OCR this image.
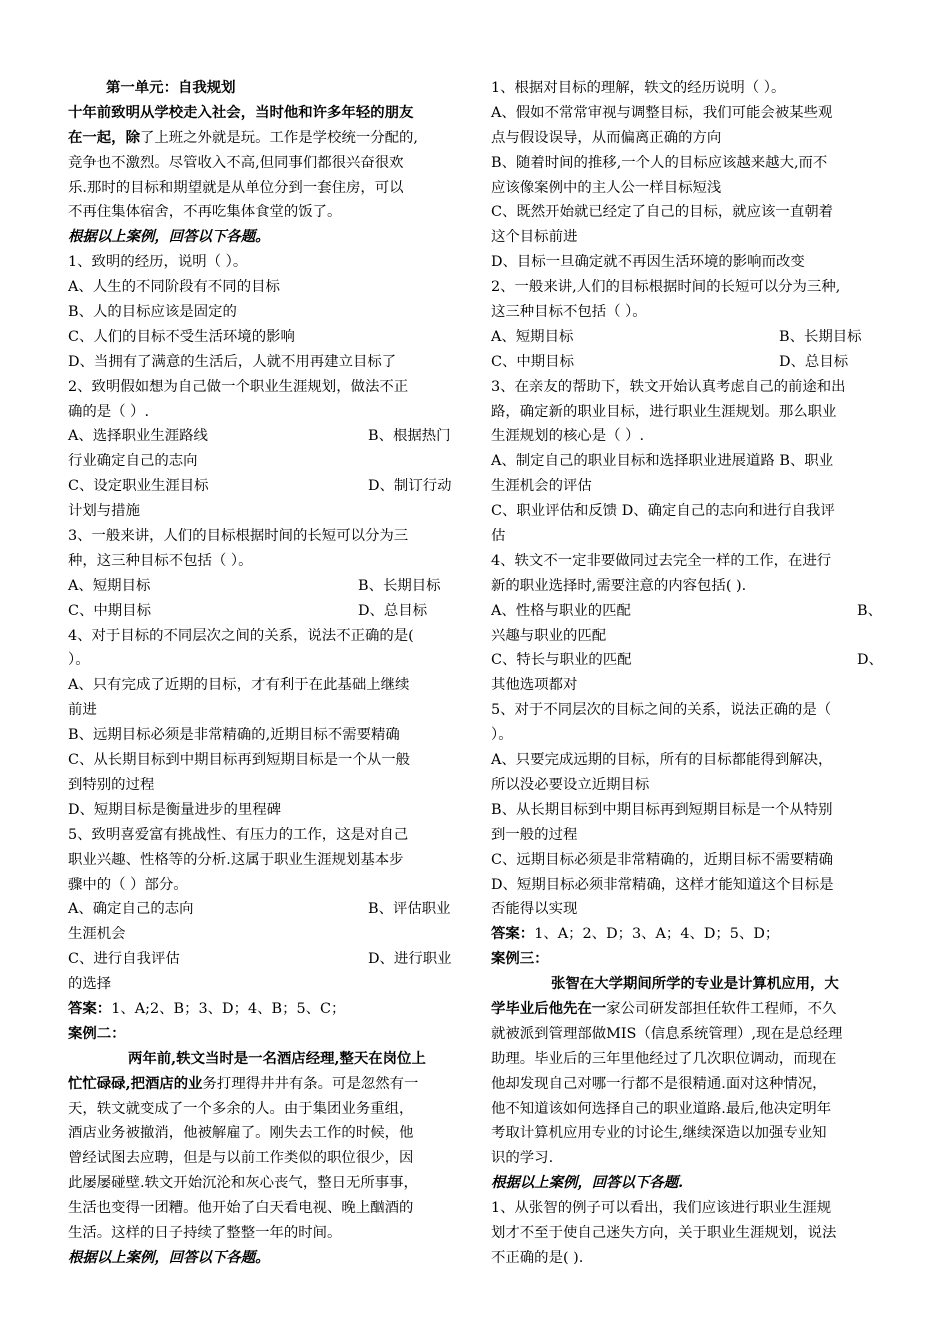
第一单元：自我规划
十年前致明从学校走入社会，当时他和许多年轻的朋友
在一起，除了上班之外就是玩。工作是学校统一分配的,
竞争也不激烈。尽管收入不高,但同事们都很兴奋很欢
乐.那时的目标和期望就是从单位分到一套住房，可以
不再住集体宿舍，不再吃集体食堂的饭了。
根据以上案例，回答以下各题。
1、致明的经历，说明（ ）。
A、人生的不同阶段有不同的目标
B、人的目标应该是固定的
C、人们的目标不受生活环境的影响
D、当拥有了满意的生活后，人就不用再建立目标了
2、致明假如想为自己做一个职业生涯规划，做法不正
确的是（ ）.
A、选择职业生涯路线	B、根据热门
行业确定自己的志向
C、设定职业生涯目标	D、制订行动
计划与措施
3、一般来讲，人们的目标根据时间的长短可以分为三
种，这三种目标不包括（ ）。
A、短期目标	B、长期目标
C、中期目标	D、总目标
4、对于目标的不同层次之间的关系，说法不正确的是(
）。
A、只有完成了近期的目标，才有利于在此基础上继续
前进
B、远期目标必须是非常精确的,近期目标不需要精确
C、从长期目标到中期目标再到短期目标是一个从一般
到特别的过程
D、短期目标是衡量进步的里程碑
5、致明喜爱富有挑战性、有压力的工作，这是对自己
职业兴趣、性格等的分析.这属于职业生涯规划基本步
骤中的（ ）部分。
A、确定自己的志向	B、评估职业
生涯机会
C、进行自我评估	D、进行职业
的选择
答案：1、A;2、B；3、D；4、B；5、C；
案例二：
两年前,轶文当时是一名酒店经理,整天在岗位上
忙忙碌碌,把酒店的业务打理得井井有条。可是忽然有一
天，轶文就变成了一个多余的人。由于集团业务重组，
酒店业务被撤消，他被解雇了。刚失去工作的时候，他
曾经试图去应聘，但是与以前工作类似的职位很少，因
此屡屡碰壁.轶文开始沉沦和灰心丧气，整日无所事事，
生活也变得一团糟。他开始了白天看电视、晚上酗酒的
生活。这样的日子持续了整整一年的时间。
根据以上案例，回答以下各题。
1、根据对目标的理解，轶文的经历说明（ ）。
A、假如不常常审视与调整目标，我们可能会被某些观
点与假设误导，从而偏离正确的方向
B、随着时间的推移,一个人的目标应该越来越大,而不
应该像案例中的主人公一样目标短浅
C、既然开始就已经定了自己的目标，就应该一直朝着
这个目标前进
D、目标一旦确定就不再因生活环境的影响而改变
2、一般来讲,人们的目标根据时间的长短可以分为三种,
这三种目标不包括（ ）。
A、短期目标	B、长期目标
C、中期目标	D、总目标
3、在亲友的帮助下，轶文开始认真考虑自己的前途和出
路，确定新的职业目标，进行职业生涯规划。那么职业
生涯规划的核心是（ ）.
A、制定自己的职业目标和选择职业进展道路 B、职业
生涯机会的评估
C、职业评估和反馈 D、确定自己的志向和进行自我评
估
4、轶文不一定非要做同过去完全一样的工作，在进行
新的职业选择时,需要注意的内容包括( ).
A、性格与职业的匹配	B、
兴趣与职业的匹配
C、特长与职业的匹配	D、
其他选项都对
5、对于不同层次的目标之间的关系，说法正确的是（
）。
A、只要完成远期的目标，所有的目标都能得到解决，
所以没必要设立近期目标
B、从长期目标到中期目标再到短期目标是一个从特别
到一般的过程
C、远期目标必须是非常精确的，近期目标不需要精确
D、短期目标必须非常精确，这样才能知道这个目标是
否能得以实现
答案：1、A；2、D；3、A；4、D；5、D；
案例三：
张智在大学期间所学的专业是计算机应用，大
学毕业后他先在一家公司研发部担任软件工程师，不久
就被派到管理部做MIS（信息系统管理）,现在是总经理
助理。毕业后的三年里他经过了几次职位调动，而现在
他却发现自己对哪一行都不是很精通.面对这种情况，
他不知道该如何选择自己的职业道路.最后,他决定明年
考取计算机应用专业的讨论生,继续深造以加强专业知
识的学习.
根据以上案例，回答以下各题.
1、从张智的例子可以看出，我们应该进行职业生涯规
划才不至于使自己迷失方向，关于职业生涯规划，说法
不正确的是( ).
